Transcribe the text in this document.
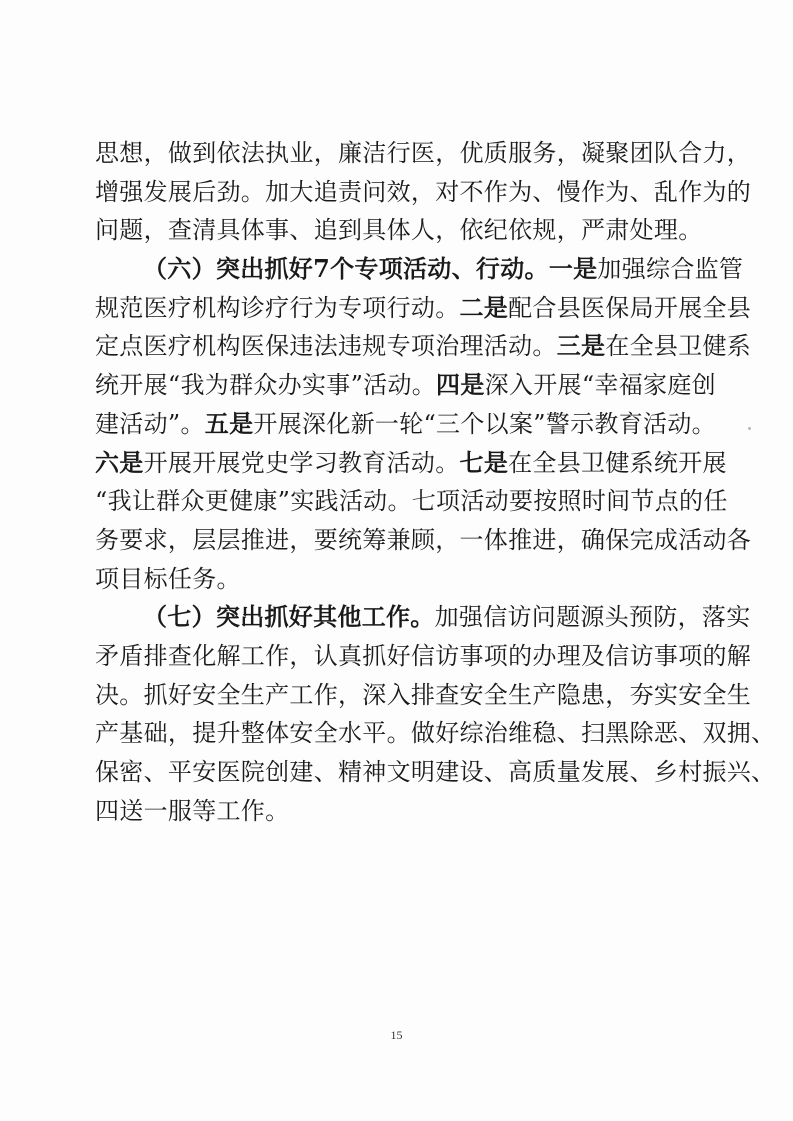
思想，做到依法执业，廉洁行医，优质服务，凝聚团队合力，
增强发展后劲。加大追责问效，对不作为、慢作为、乱作为的
问题，查清具体事、追到具体人，依纪依规，严肃处理。
（六）突出抓好7个专项活动、行动。一是加强综合监管
规范医疗机构诊疗行为专项行动。二是配合县医保局开展全县
定点医疗机构医保违法违规专项治理活动。三是在全县卫健系
统开展“我为群众办实事”活动。四是深入开展“幸福家庭创
建活动”。五是开展深化新一轮“三个以案”警示教育活动。
六是开展开展党史学习教育活动。七是在全县卫健系统开展
“我让群众更健康”实践活动。七项活动要按照时间节点的任
务要求，层层推进，要统筹兼顾，一体推进，确保完成活动各
项目标任务。
（七）突出抓好其他工作。加强信访问题源头预防，落实
矛盾排查化解工作，认真抓好信访事项的办理及信访事项的解
决。抓好安全生产工作，深入排查安全生产隐患，夯实安全生
产基础，提升整体安全水平。做好综治维稳、扫黑除恶、双拥、
保密、平安医院创建、精神文明建设、高质量发展、乡村振兴、
四送一服等工作。
15
